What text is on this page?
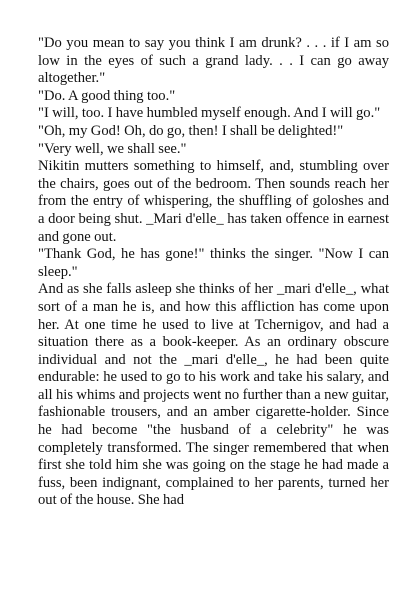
"Do you mean to say you think I am drunk? . . . if I am so low in the eyes of such a grand lady. . . I can go away altogether."

"Do. A good thing too."

"I will, too. I have humbled myself enough. And I will go."

"Oh, my God! Oh, do go, then! I shall be delighted!"

"Very well, we shall see."

Nikitin mutters something to himself, and, stumbling over the chairs, goes out of the bedroom. Then sounds reach her from the entry of whispering, the shuffling of goloshes and a door being shut. _Mari d'elle_ has taken offence in earnest and gone out.

"Thank God, he has gone!" thinks the singer. "Now I can sleep."

And as she falls asleep she thinks of her _mari d'elle_, what sort of a man he is, and how this affliction has come upon her. At one time he used to live at Tchernigov, and had a situation there as a book-keeper. As an ordinary obscure individual and not the _mari d'elle_, he had been quite endurable: he used to go to his work and take his salary, and all his whims and projects went no further than a new guitar, fashionable trousers, and an amber cigarette-holder. Since he had become "the husband of a celebrity" he was completely transformed. The singer remembered that when first she told him she was going on the stage he had made a fuss, been indignant, complained to her parents, turned her out of the house. She had
